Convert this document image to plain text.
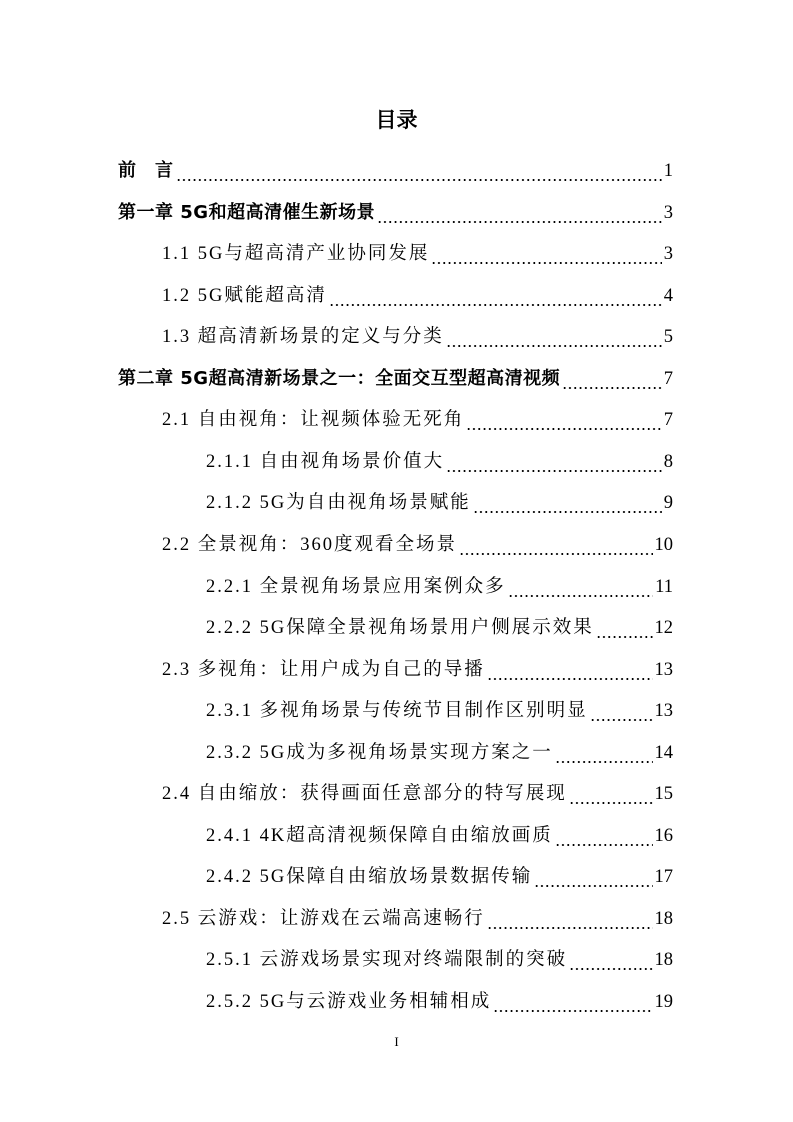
目录
前　言	1
第一章 5G和超高清催生新场景	3
1.1 5G与超高清产业协同发展	3
1.2 5G赋能超高清	4
1.3 超高清新场景的定义与分类	5
第二章 5G超高清新场景之一：全面交互型超高清视频	7
2.1 自由视角：让视频体验无死角	7
2.1.1 自由视角场景价值大	8
2.1.2 5G为自由视角场景赋能	9
2.2 全景视角：360度观看全场景	10
2.2.1 全景视角场景应用案例众多	11
2.2.2 5G保障全景视角场景用户侧展示效果	12
2.3 多视角：让用户成为自己的导播	13
2.3.1 多视角场景与传统节目制作区别明显	13
2.3.2 5G成为多视角场景实现方案之一	14
2.4 自由缩放：获得画面任意部分的特写展现	15
2.4.1 4K超高清视频保障自由缩放画质	16
2.4.2 5G保障自由缩放场景数据传输	17
2.5 云游戏：让游戏在云端高速畅行	18
2.5.1 云游戏场景实现对终端限制的突破	18
2.5.2 5G与云游戏业务相辅相成	19
I
